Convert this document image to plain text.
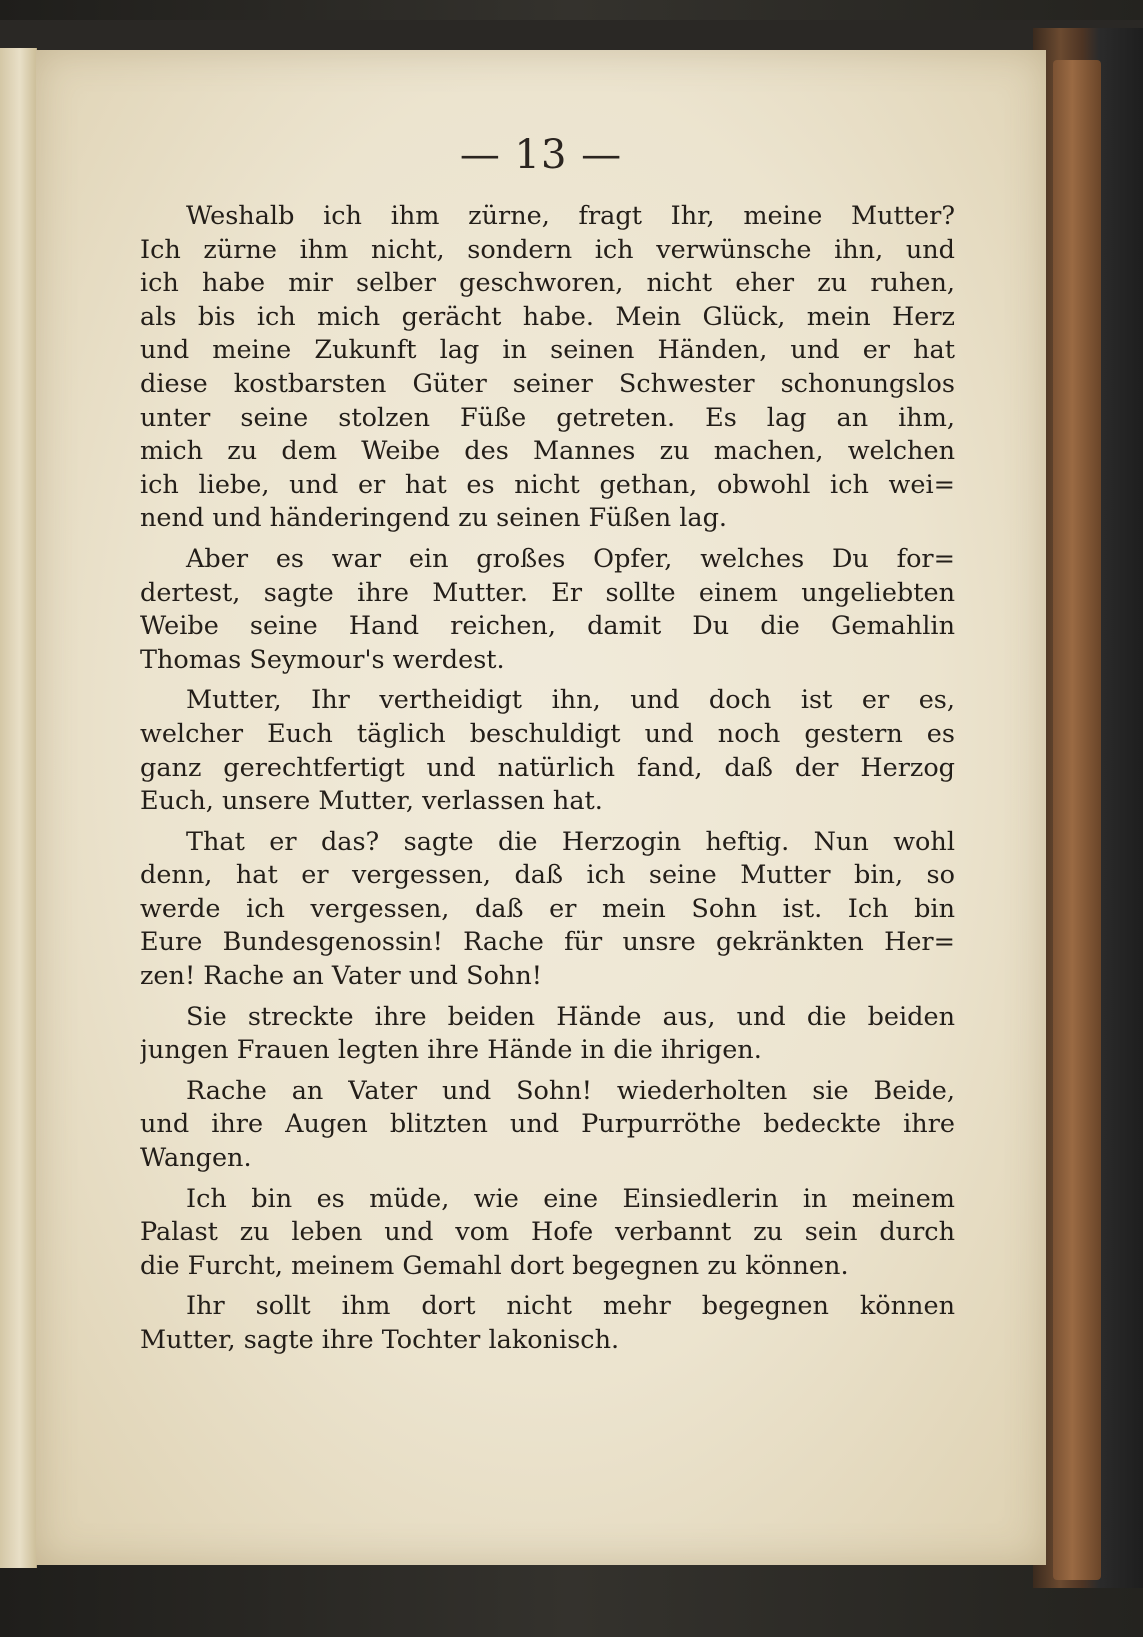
— 13 —
Weshalb ich ihm zürne, fragt Ihr, meine Mutter?
Ich zürne ihm nicht, sondern ich verwünsche ihn, und
ich habe mir selber geschworen, nicht eher zu ruhen,
als bis ich mich gerächt habe. Mein Glück, mein Herz
und meine Zukunft lag in seinen Händen, und er hat
diese kostbarsten Güter seiner Schwester schonungslos
unter seine stolzen Füße getreten. Es lag an ihm,
mich zu dem Weibe des Mannes zu machen, welchen
ich liebe, und er hat es nicht gethan, obwohl ich wei=
nend und händeringend zu seinen Füßen lag.
Aber es war ein großes Opfer, welches Du for=
dertest, sagte ihre Mutter. Er sollte einem ungeliebten
Weibe seine Hand reichen, damit Du die Gemahlin
Thomas Seymour's werdest.
Mutter, Ihr vertheidigt ihn, und doch ist er es,
welcher Euch täglich beschuldigt und noch gestern es
ganz gerechtfertigt und natürlich fand, daß der Herzog
Euch, unsere Mutter, verlassen hat.
That er das? sagte die Herzogin heftig. Nun wohl
denn, hat er vergessen, daß ich seine Mutter bin, so
werde ich vergessen, daß er mein Sohn ist. Ich bin
Eure Bundesgenossin! Rache für unsre gekränkten Her=
zen! Rache an Vater und Sohn!
Sie streckte ihre beiden Hände aus, und die beiden
jungen Frauen legten ihre Hände in die ihrigen.
Rache an Vater und Sohn! wiederholten sie Beide,
und ihre Augen blitzten und Purpurröthe bedeckte ihre
Wangen.
Ich bin es müde, wie eine Einsiedlerin in meinem
Palast zu leben und vom Hofe verbannt zu sein durch
die Furcht, meinem Gemahl dort begegnen zu können.
Ihr sollt ihm dort nicht mehr begegnen können
Mutter, sagte ihre Tochter lakonisch.
